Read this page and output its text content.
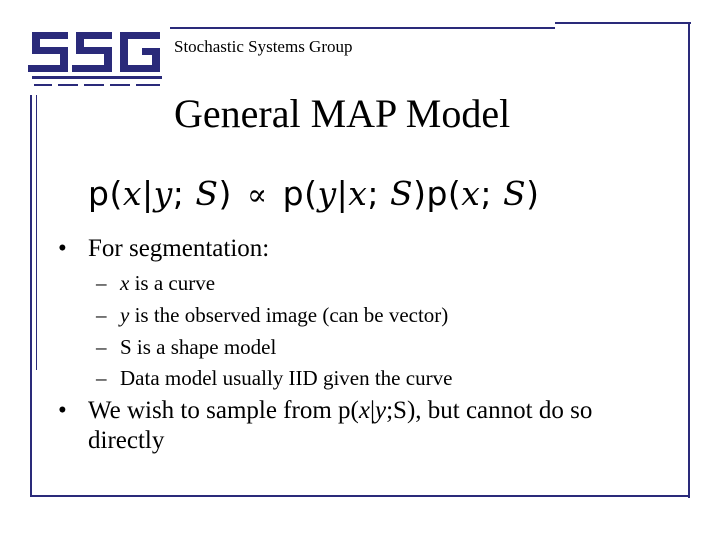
Stochastic Systems Group
General MAP Model
p(x|y; S) ∝ p(y|x; S)p(x; S)
• For segmentation:
– x is a curve
– y is the observed image (can be vector)
– S is a shape model
– Data model usually IID given the curve
• We wish to sample from p(x|y;S), but cannot do so
directly
